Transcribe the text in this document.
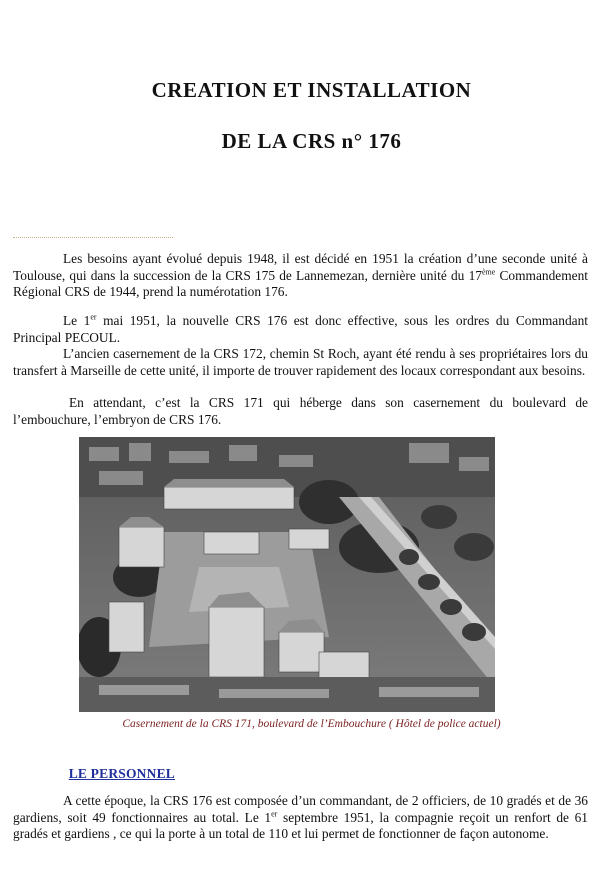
CREATION ET INSTALLATION
DE LA CRS n° 176

Les besoins ayant évolué depuis 1948, il est décidé en 1951 la création d’une seconde unité à Toulouse, qui dans la succession de la CRS 175 de Lannemezan, dernière unité du 17ème Commandement Régional CRS de 1944, prend la numérotation 176.

Le 1er mai 1951, la nouvelle CRS 176 est donc effective, sous les ordres du Commandant Principal PECOUL.

L’ancien casernement de la CRS 172, chemin St Roch, ayant été rendu à ses propriétaires lors du transfert à Marseille de cette unité, il importe de trouver rapidement des locaux correspondant aux besoins.

En attendant, c’est la CRS 171 qui héberge dans son casernement du boulevard de l’embouchure, l’embryon de CRS 176.

Casernement de la CRS 171, boulevard de l’Embouchure ( Hôtel de police actuel)
LE PERSONNEL

A cette époque, la CRS 176 est composée d’un commandant, de 2 officiers, de 10 gradés et de 36 gardiens, soit 49 fonctionnaires au total. Le 1er septembre 1951, la compagnie reçoit un renfort de 61 gradés et gardiens , ce qui la porte à un total de 110 et lui permet de fonctionner de façon autonome.
